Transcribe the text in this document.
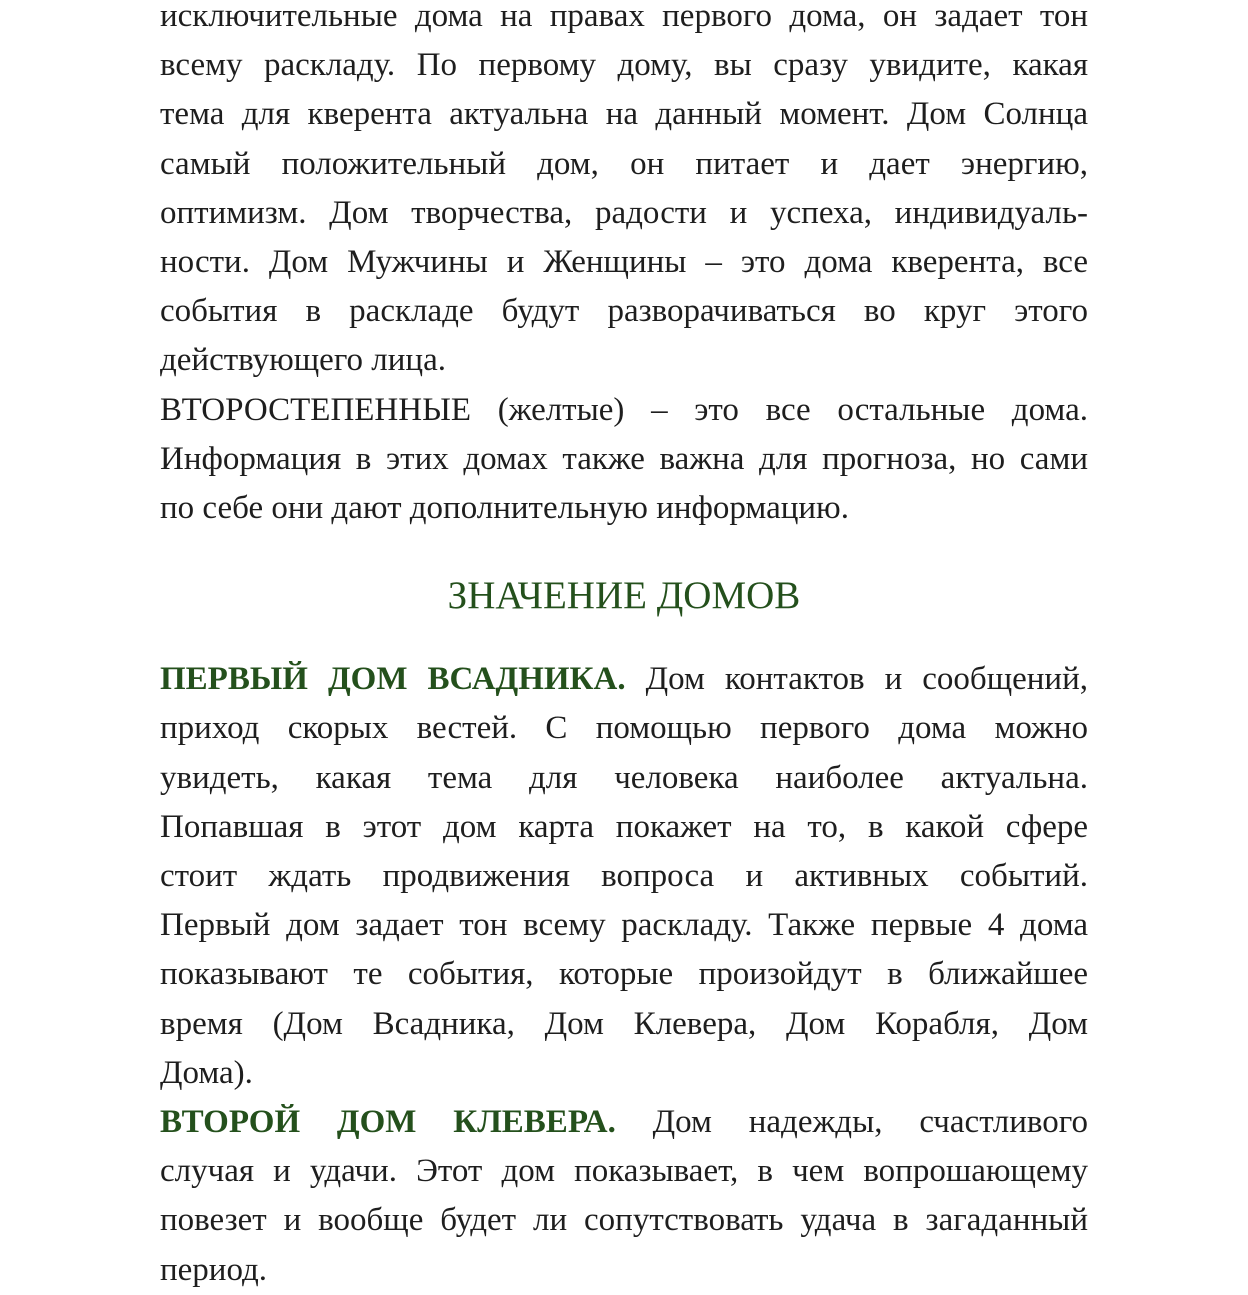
исключительные дома на правах первого дома, он задает тон
всему раскладу. По первому дому, вы сразу увидите, какая
тема для кверента актуальна на данный момент. Дом Солнца
самый положительный дом, он питает и дает энергию,
оптимизм. Дом творчества, радости и успеха, индивидуаль-
ности. Дом Мужчины и Женщины – это дома кверента, все
события в раскладе будут разворачиваться во круг этого
действующего лица.

ВТОРОСТЕПЕННЫЕ (желтые) – это все остальные дома.
Информация в этих домах также важна для прогноза, но сами
по себе они дают дополнительную информацию.

ЗНАЧЕНИЕ ДОМОВ

ПЕРВЫЙ ДОМ ВСАДНИКА. Дом контактов и сообщений,
приход скорых вестей. С помощью первого дома можно
увидеть, какая тема для человека наиболее актуальна.
Попавшая в этот дом карта покажет на то, в какой сфере
стоит ждать продвижения вопроса и активных событий.
Первый дом задает тон всему раскладу. Также первые 4 дома
показывают те события, которые произойдут в ближайшее
время (Дом Всадника, Дом Клевера, Дом Корабля, Дом
Дома).

ВТОРОЙ ДОМ КЛЕВЕРА. Дом надежды, счастливого
случая и удачи. Этот дом показывает, в чем вопрошающему
повезет и вообще будет ли сопутствовать удача в загаданный
период.
